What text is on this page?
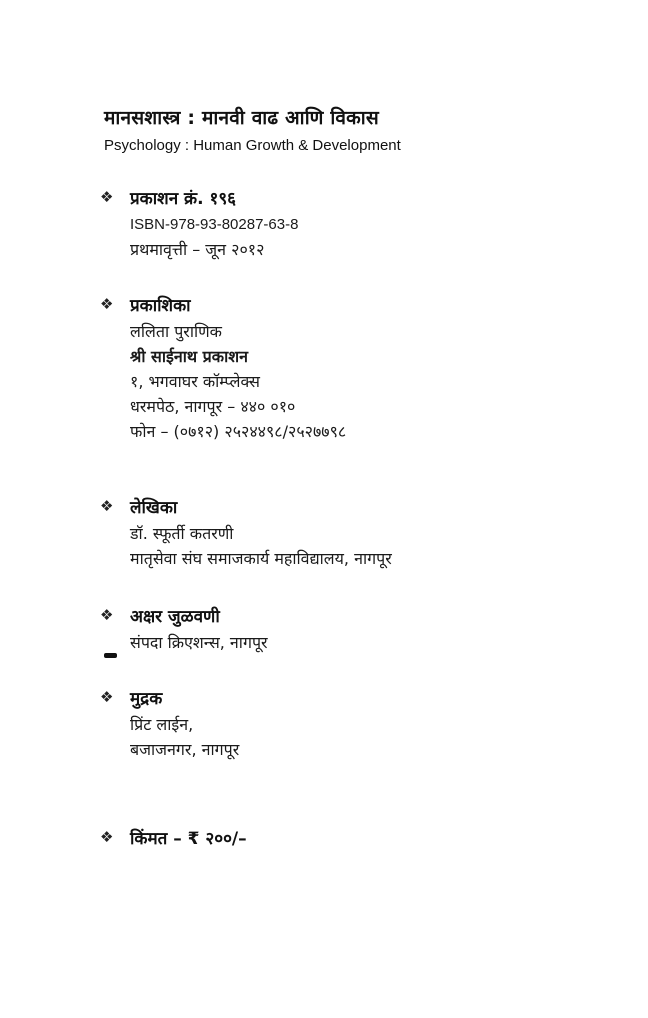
मानसशास्त्र : मानवी वाढ आणि विकास
Psychology : Human Growth & Development
❖ प्रकाशन क्रं. १९६
ISBN-978-93-80287-63-8
प्रथमावृत्ती – जून २०१२
❖ प्रकाशिका
ललिता पुराणिक
श्री साईनाथ प्रकाशन
१, भगवाघर कॉम्प्लेक्स
धरमपेठ, नागपूर – ४४० ०१०
फोन – (०७१२) २५२४४९८/२५२७७९८
❖ लेखिका
डॉ. स्फूर्ती कतरणी
मातृसेवा संघ समाजकार्य महाविद्यालय, नागपूर
❖ अक्षर जुळवणी
संपदा क्रिएशन्स, नागपूर
❖ मुद्रक
प्रिंट लाईन,
बजाजनगर, नागपूर
❖ किंमत – ₹ २००/–
